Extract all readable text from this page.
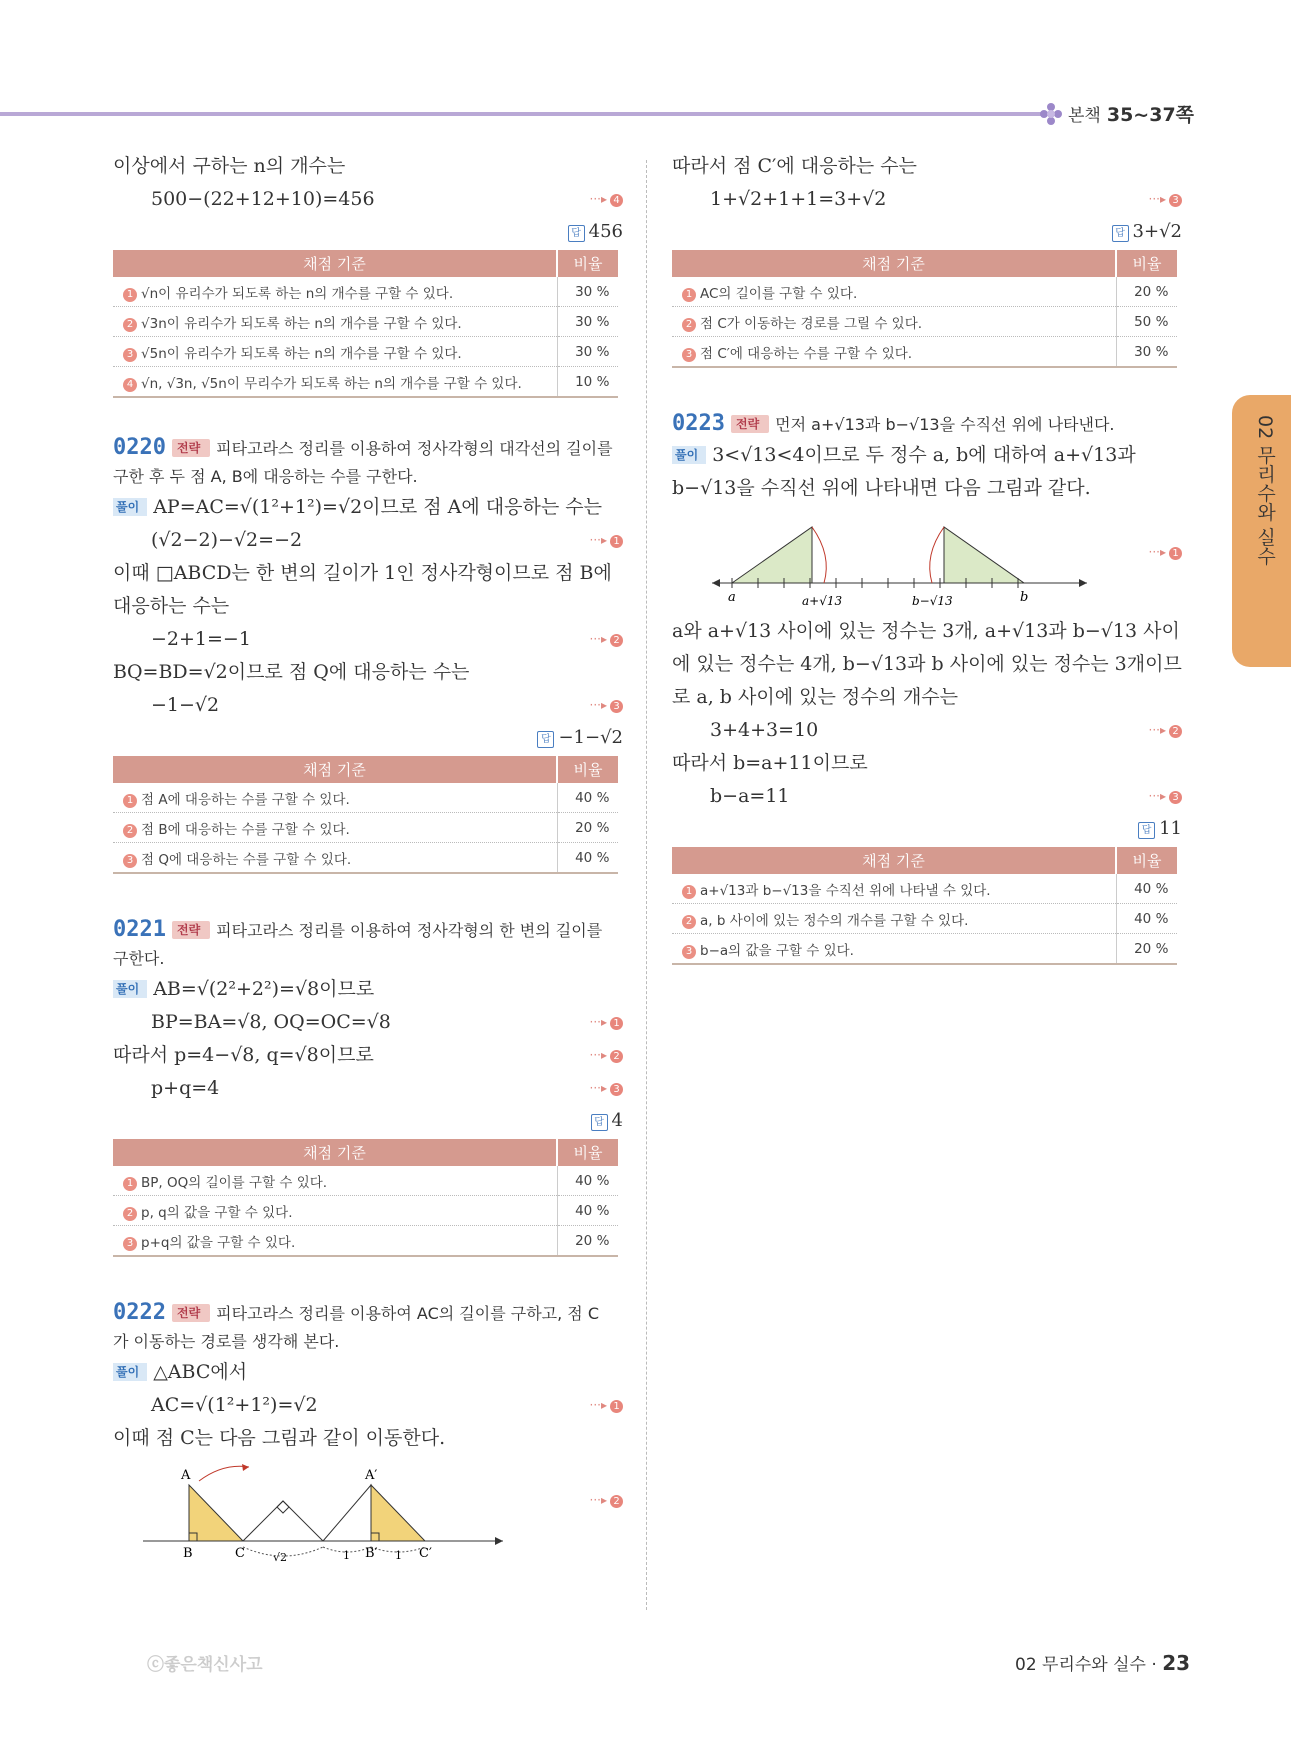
본책 35~37쪽
02 무리수와 실수
이상에서 구하는 n의 개수는
500−(22+12+10)=456	···▸ 4
답 456
채점 기준	비율
1 √n이 유리수가 되도록 하는 n의 개수를 구할 수 있다.	30 %
2 √3n이 유리수가 되도록 하는 n의 개수를 구할 수 있다.	30 %
3 √5n이 유리수가 되도록 하는 n의 개수를 구할 수 있다.	30 %
4 √n, √3n, √5n이 무리수가 되도록 하는 n의 개수를 구할 수 있다.	10 %
0220 전략 피타고라스 정리를 이용하여 정사각형의 대각선의 길이를
구한 후 두 점 A, B에 대응하는 수를 구한다.
풀이 AP=AC=√(1²+1²)=√2이므로 점 A에 대응하는 수는
(√2−2)−√2=−2	···▸ 1
이때 □ABCD는 한 변의 길이가 1인 정사각형이므로 점 B에
대응하는 수는
−2+1=−1	···▸ 2
BQ=BD=√2이므로 점 Q에 대응하는 수는
−1−√2	···▸ 3
답 −1−√2
채점 기준	비율
1 점 A에 대응하는 수를 구할 수 있다.	40 %
2 점 B에 대응하는 수를 구할 수 있다.	20 %
3 점 Q에 대응하는 수를 구할 수 있다.	40 %
0221 전략 피타고라스 정리를 이용하여 정사각형의 한 변의 길이를
구한다.
풀이 AB=√(2²+2²)=√8이므로
BP=BA=√8, OQ=OC=√8	···▸ 1
따라서 p=4−√8, q=√8이므로	···▸ 2
p+q=4	···▸ 3
답 4
채점 기준	비율
1 BP, OQ의 길이를 구할 수 있다.	40 %
2 p, q의 값을 구할 수 있다.	40 %
3 p+q의 값을 구할 수 있다.	20 %
0222 전략 피타고라스 정리를 이용하여 AC의 길이를 구하고, 점 C
가 이동하는 경로를 생각해 본다.
풀이 △ABC에서
AC=√(1²+1²)=√2	···▸ 1
이때 점 C는 다음 그림과 같이 이동한다.
···▸ 2
A	A′
B	C	√2	1 B′ 1 C′
따라서 점 C′에 대응하는 수는
1+√2+1+1=3+√2	···▸ 3
답 3+√2
채점 기준	비율
1 AC의 길이를 구할 수 있다.	20 %
2 점 C가 이동하는 경로를 그릴 수 있다.	50 %
3 점 C′에 대응하는 수를 구할 수 있다.	30 %
0223 전략 먼저 a+√13과 b−√13을 수직선 위에 나타낸다.
풀이 3<√13<4이므로 두 정수 a, b에 대하여 a+√13과
b−√13을 수직선 위에 나타내면 다음 그림과 같다.
···▸ 1
a	a+√13	b−√13	b
a와 a+√13 사이에 있는 정수는 3개, a+√13과 b−√13 사이
에 있는 정수는 4개, b−√13과 b 사이에 있는 정수는 3개이므
로 a, b 사이에 있는 정수의 개수는
3+4+3=10	···▸ 2
따라서 b=a+11이므로
b−a=11	···▸ 3
답 11
채점 기준	비율
1 a+√13과 b−√13을 수직선 위에 나타낼 수 있다.	40 %
2 a, b 사이에 있는 정수의 개수를 구할 수 있다.	40 %
3 b−a의 값을 구할 수 있다.	20 %
ⓒ좋은책신사고	02 무리수와 실수 · 23
